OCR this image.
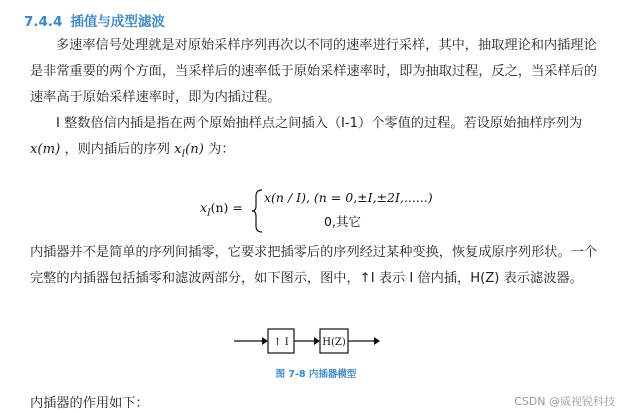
7.4.4 插值与成型滤波

多速率信号处理就是对原始采样序列再次以不同的速率进行采样，其中，抽取理论和内插理论是非常重要的两个方面，当采样后的速率低于原始采样速率时，即为抽取过程，反之，当采样后的速率高于原始采样速率时，即为内插过程。

I 整数倍信内插是指在两个原始抽样点之间插入（I-1）个零值的过程。若设原始抽样序列为 x(m) ，则内插后的序列 $x_I(n)$ 为：

$x_I(n)$ =
x(n / I), (n = 0,±I,±2I,......)
0,其它

内插器并不是简单的序列间插零，它要求把插零后的序列经过某种变换，恢复成原序列形状。一个完整的内插器包括插零和滤波两部分，如下图示，图中，↑I 表示 I 倍内插，H(Z) 表示滤波器。

↑ I	H(Z)
图 7-8 内插器模型
内插器的作用如下：	CSDN @威视锐科技
